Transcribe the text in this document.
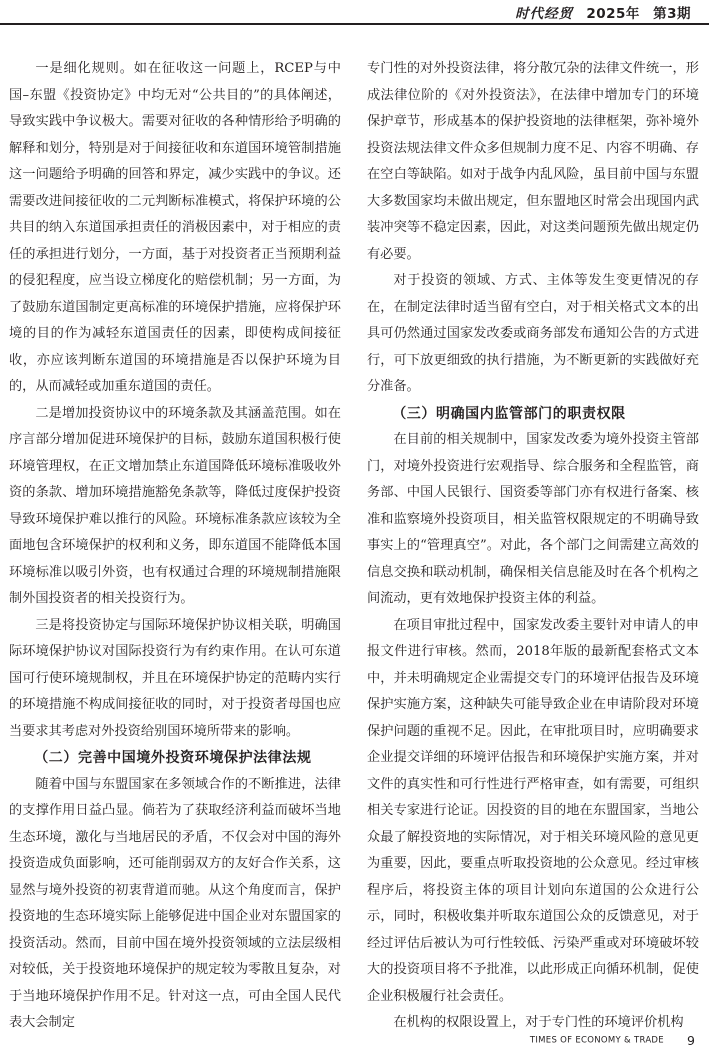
时代经贸 2025年 第3期

一是细化规则。如在征收这一问题上，RCEP与中国–东盟《投资协定》中均无对“公共目的”的具体阐述，导致实践中争议极大。需要对征收的各种情形给予明确的解释和划分，特别是对于间接征收和东道国环境管制措施这一问题给予明确的回答和界定，减少实践中的争议。还需要改进间接征收的二元判断标准模式，将保护环境的公共目的纳入东道国承担责任的消极因素中，对于相应的责任的承担进行划分，一方面，基于对投资者正当预期利益的侵犯程度，应当设立梯度化的赔偿机制；另一方面，为了鼓励东道国制定更高标准的环境保护措施，应将保护环境的目的作为减轻东道国责任的因素，即使构成间接征收，亦应该判断东道国的环境措施是否以保护环境为目的，从而减轻或加重东道国的责任。

二是增加投资协议中的环境条款及其涵盖范围。如在序言部分增加促进环境保护的目标，鼓励东道国积极行使环境管理权，在正文增加禁止东道国降低环境标准吸收外资的条款、增加环境措施豁免条款等，降低过度保护投资导致环境保护难以推行的风险。环境标准条款应该较为全面地包含环境保护的权利和义务，即东道国不能降低本国环境标准以吸引外资，也有权通过合理的环境规制措施限制外国投资者的相关投资行为。

三是将投资协定与国际环境保护协议相关联，明确国际环境保护协议对国际投资行为有约束作用。在认可东道国可行使环境规制权，并且在环境保护协定的范畴内实行的环境措施不构成间接征收的同时，对于投资者母国也应当要求其考虑对外投资给别国环境所带来的影响。

（二）完善中国境外投资环境保护法律法规

随着中国与东盟国家在多领域合作的不断推进，法律的支撑作用日益凸显。倘若为了获取经济利益而破坏当地生态环境，激化与当地居民的矛盾，不仅会对中国的海外投资造成负面影响，还可能削弱双方的友好合作关系，这显然与境外投资的初衷背道而驰。从这个角度而言，保护投资地的生态环境实际上能够促进中国企业对东盟国家的投资活动。然而，目前中国在境外投资领域的立法层级相对较低，关于投资地环境保护的规定较为零散且复杂，对于当地环境保护作用不足。针对这一点，可由全国人民代表大会制定

专门性的对外投资法律，将分散冗杂的法律文件统一，形成法律位阶的《对外投资法》，在法律中增加专门的环境保护章节，形成基本的保护投资地的法律框架，弥补境外投资法规法律文件众多但规制力度不足、内容不明确、存在空白等缺陷。如对于战争内乱风险，虽目前中国与东盟大多数国家均未做出规定，但东盟地区时常会出现国内武装冲突等不稳定因素，因此，对这类问题预先做出规定仍有必要。

对于投资的领域、方式、主体等发生变更情况的存在，在制定法律时适当留有空白，对于相关格式文本的出具可仍然通过国家发改委或商务部发布通知公告的方式进行，可下放更细致的执行措施，为不断更新的实践做好充分准备。

（三）明确国内监管部门的职责权限

在目前的相关规制中，国家发改委为境外投资主管部门，对境外投资进行宏观指导、综合服务和全程监管，商务部、中国人民银行、国资委等部门亦有权进行备案、核准和监察境外投资项目，相关监管权限规定的不明确导致事实上的“管理真空”。对此，各个部门之间需建立高效的信息交换和联动机制，确保相关信息能及时在各个机构之间流动，更有效地保护投资主体的利益。

在项目审批过程中，国家发改委主要针对申请人的申报文件进行审核。然而，2018年版的最新配套格式文本中，并未明确规定企业需提交专门的环境评估报告及环境保护实施方案，这种缺失可能导致企业在申请阶段对环境保护问题的重视不足。因此，在审批项目时，应明确要求企业提交详细的环境评估报告和环境保护实施方案，并对文件的真实性和可行性进行严格审查，如有需要，可组织相关专家进行论证。因投资的目的地在东盟国家，当地公众最了解投资地的实际情况，对于相关环境风险的意见更为重要，因此，要重点听取投资地的公众意见。经过审核程序后，将投资主体的项目计划向东道国的公众进行公示，同时，积极收集并听取东道国公众的反馈意见，对于经过评估后被认为可行性较低、污染严重或对环境破坏较大的投资项目将不予批准，以此形成正向循环机制，促使企业积极履行社会责任。

在机构的权限设置上，对于专门性的环境评价机构

TIMES OF ECONOMY & TRADE 9
